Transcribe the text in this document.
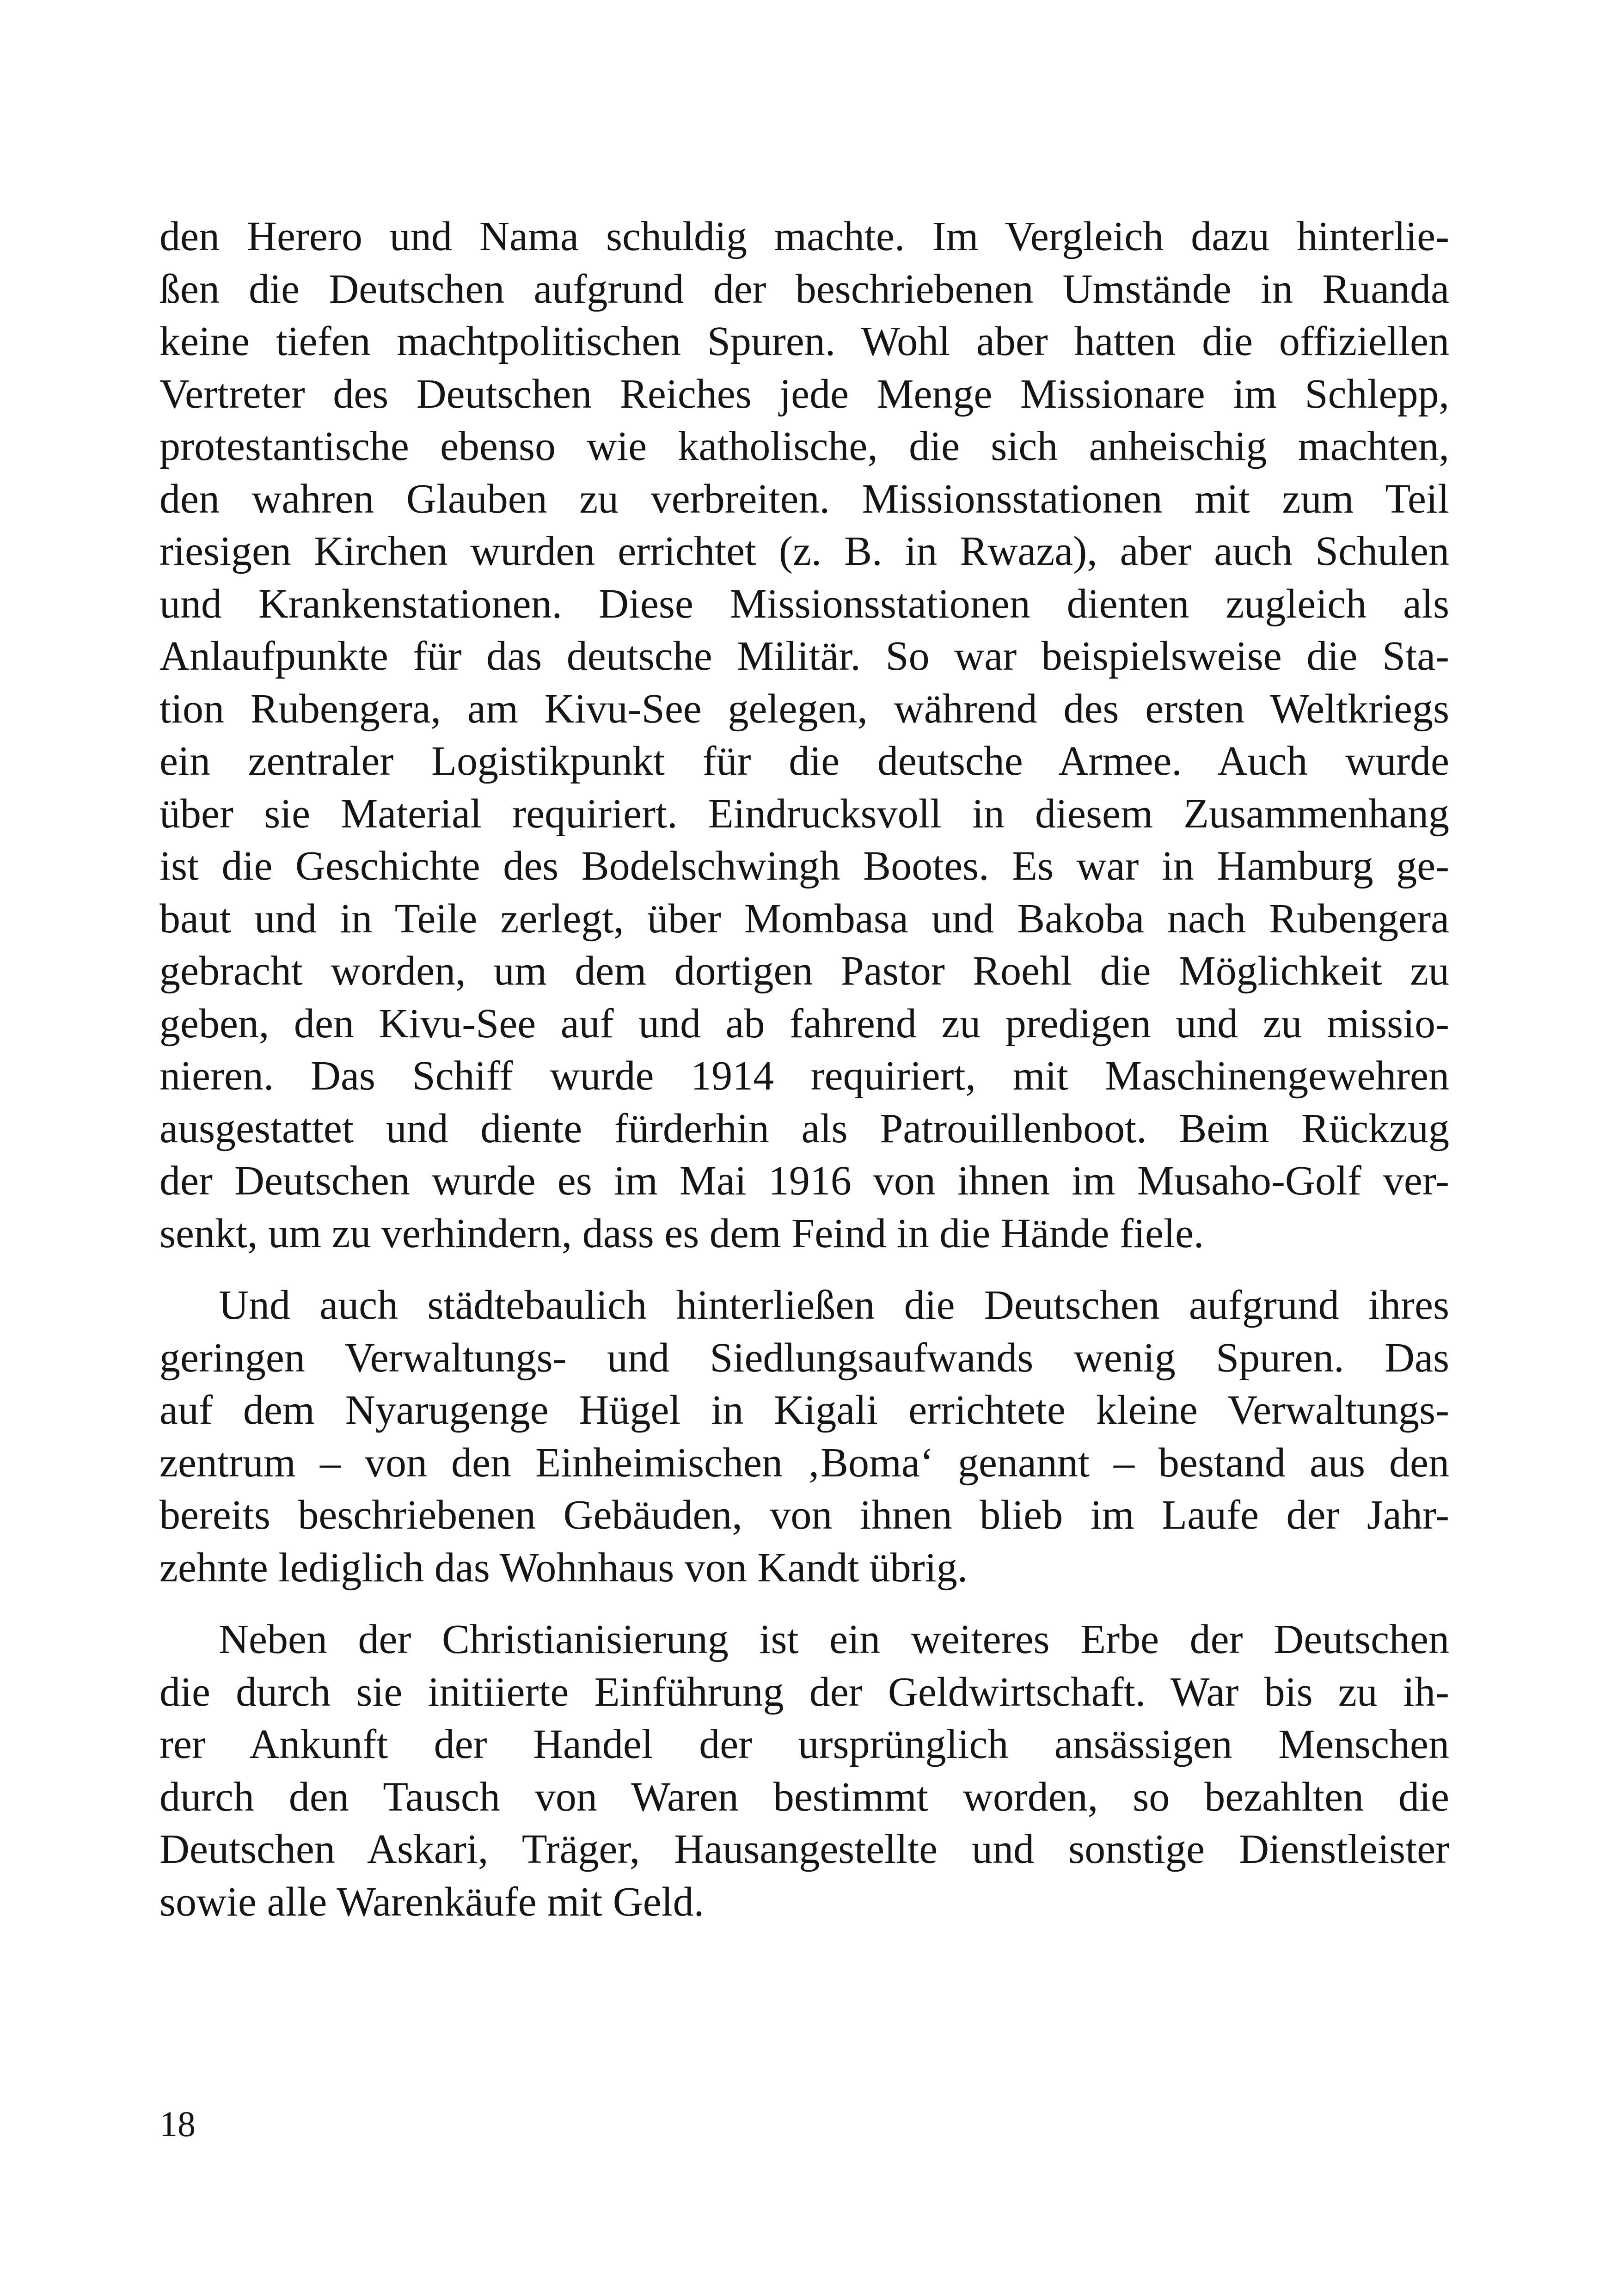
den Herero und Nama schuldig machte. Im Vergleich dazu hinterlie-
ßen die Deutschen aufgrund der beschriebenen Umstände in Ruanda
keine tiefen machtpolitischen Spuren. Wohl aber hatten die offiziellen
Vertreter des Deutschen Reiches jede Menge Missionare im Schlepp,
protestantische ebenso wie katholische, die sich anheischig machten,
den wahren Glauben zu verbreiten. Missionsstationen mit zum Teil
riesigen Kirchen wurden errichtet (z. B. in Rwaza), aber auch Schulen
und Krankenstationen. Diese Missionsstationen dienten zugleich als
Anlaufpunkte für das deutsche Militär. So war beispielsweise die Sta-
tion Rubengera, am Kivu-See gelegen, während des ersten Weltkriegs
ein zentraler Logistikpunkt für die deutsche Armee. Auch wurde
über sie Material requiriert. Eindrucksvoll in diesem Zusammenhang
ist die Geschichte des Bodelschwingh Bootes. Es war in Hamburg ge-
baut und in Teile zerlegt, über Mombasa und Bakoba nach Rubengera
gebracht worden, um dem dortigen Pastor Roehl die Möglichkeit zu
geben, den Kivu-See auf und ab fahrend zu predigen und zu missio-
nieren. Das Schiff wurde 1914 requiriert, mit Maschinengewehren
ausgestattet und diente fürderhin als Patrouillenboot. Beim Rückzug
der Deutschen wurde es im Mai 1916 von ihnen im Musaho-Golf ver-
senkt, um zu verhindern, dass es dem Feind in die Hände fiele.
Und auch städtebaulich hinterließen die Deutschen aufgrund ihres
geringen Verwaltungs- und Siedlungsaufwands wenig Spuren. Das
auf dem Nyarugenge Hügel in Kigali errichtete kleine Verwaltungs-
zentrum – von den Einheimischen ‚Boma‘ genannt – bestand aus den
bereits beschriebenen Gebäuden, von ihnen blieb im Laufe der Jahr-
zehnte lediglich das Wohnhaus von Kandt übrig.
Neben der Christianisierung ist ein weiteres Erbe der Deutschen
die durch sie initiierte Einführung der Geldwirtschaft. War bis zu ih-
rer Ankunft der Handel der ursprünglich ansässigen Menschen
durch den Tausch von Waren bestimmt worden, so bezahlten die
Deutschen Askari, Träger, Hausangestellte und sonstige Dienstleister
sowie alle Warenkäufe mit Geld.
18
